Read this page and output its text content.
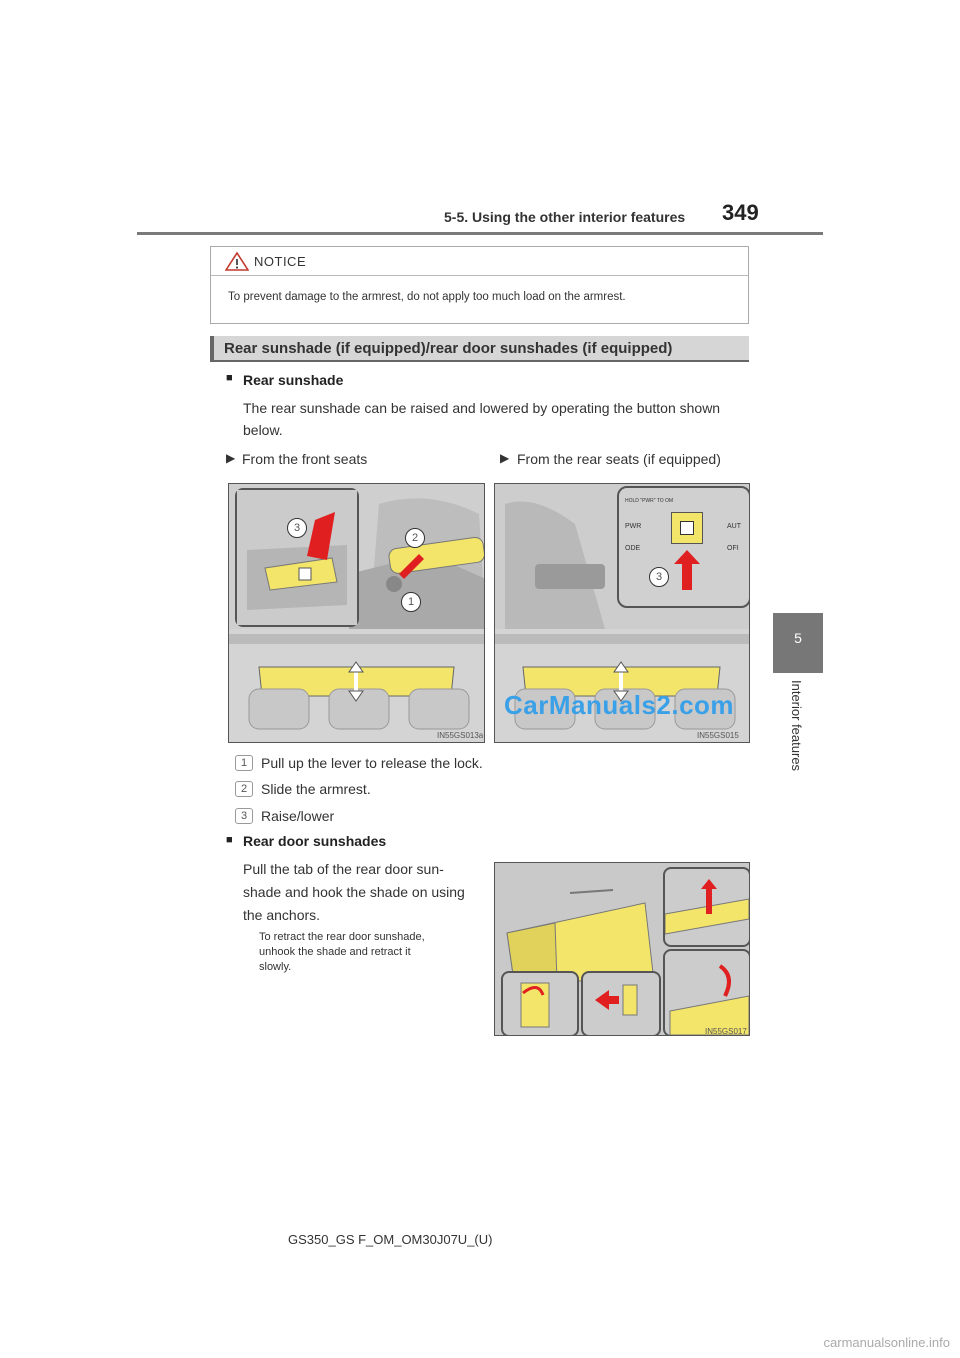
5-5. Using the other interior features 349
5
Interior features
NOTICE
To prevent damage to the armrest, do not apply too much load on the armrest.
Rear sunshade (if equipped)/rear door sunshades (if equipped)
■ Rear sunshade
The rear sunshade can be raised and lowered by operating the button shown
below.
▶ From the front seats	▶ From the rear seats (if equipped)
3
2
1
IN55GS013a
HOLD "PWR" TO OM
PWR
ODE
AUT
OFI
3
IN55GS015
CarManuals2.com
1 Pull up the lever to release the lock.
2 Slide the armrest.
3 Raise/lower
■ Rear door sunshades
Pull the tab of the rear door sun-
shade and hook the shade on using
the anchors.
To retract the rear door sunshade,
unhook the shade and retract it
slowly.
IN55GS017
GS350_GS F_OM_OM30J07U_(U)
carmanualsonline.info
